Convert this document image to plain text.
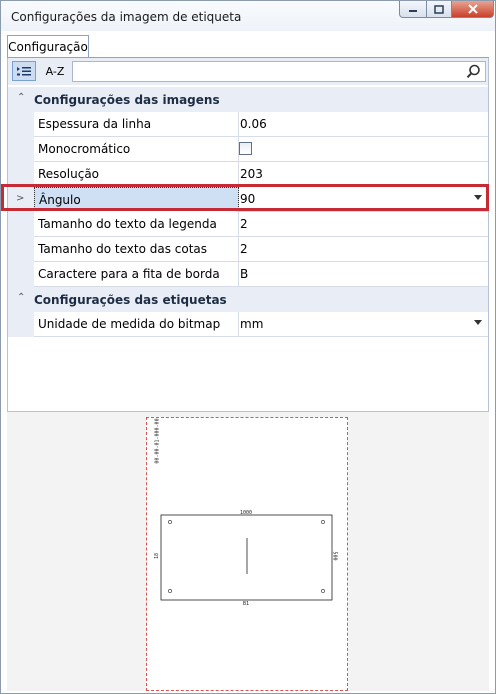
Configurações da imagem de etiqueta
Configuração
A-Z
⌃ Configurações das imagens
Espessura da linha	0.06
Monocromático
Resolução	203
>	Ângulo	90
Tamanho do texto da legenda	2
Tamanho do texto das cotas	2
Caractere para a fita de borda	B
⌃ Configurações das etiquetas
Unidade de medida do bitmap	mm
00-00-01-000-00
1000
B1
18	500
